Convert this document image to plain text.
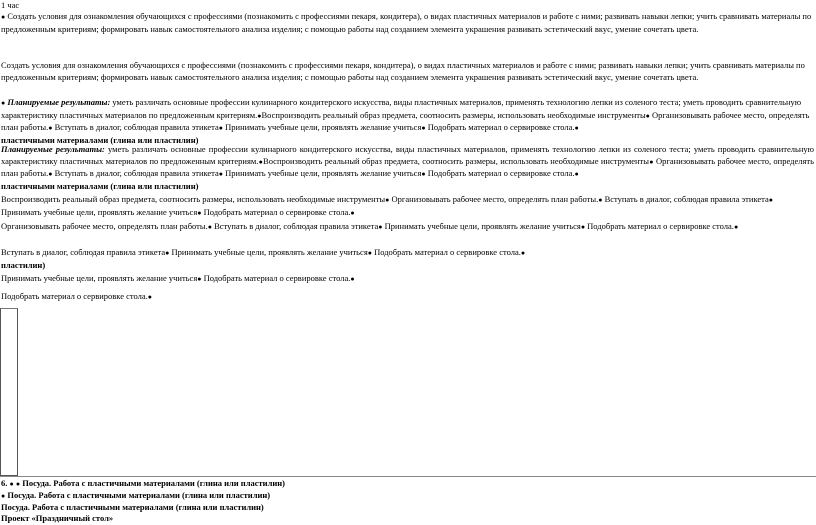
1 час
● Создать условия для ознакомления обучающихся с профессиями (познакомить с профессиями пекаря, кондитера), о видах пластичных материалов и работе с ними; развивать навыки лепки; учить сравнивать материалы по предложенным критериям; формировать навык самостоятельного анализа изделия; с помощью работы над созданием элемента украшения развивать эстетический вкус, умение сочетать цвета.
Создать условия для ознакомления обучающихся с профессиями (познакомить с профессиями пекаря, кондитера), о видах пластичных материалов и работе с ними; развивать навыки лепки; учить сравнивать материалы по предложенным критериям; формировать навык самостоятельного анализа изделия; с помощью работы над созданием элемента украшения развивать эстетический вкус, умение сочетать цвета.
● Планируемые результаты: уметь различать основные профессии кулинарного кондитерского искусства, виды пластичных материалов, применять технологию лепки из соленого теста; уметь проводить сравнительную характеристику пластичных материалов по предложенным критериям.●Воспроизводить реальный образ предмета, соотносить размеры, использовать необходимые инструменты● Организовывать рабочее место, определять план работы.● Вступать в диалог, соблюдая правила этикета● Принимать учебные цели, проявлять желание учиться● Подобрать материал о сервировке стола.●
пластичными материалами (глина или пластилин)
Планируемые результаты: уметь различать основные профессии кулинарного кондитерского искусства, виды пластичных материалов, применять технологию лепки из соленого теста; уметь проводить сравнительную характеристику пластичных материалов по предложенным критериям.●Воспроизводить реальный образ предмета, соотносить размеры, использовать необходимые инструменты● Организовывать рабочее место, определять план работы.● Вступать в диалог, соблюдая правила этикета● Принимать учебные цели, проявлять желание учиться● Подобрать материал о сервировке стола.●
пластичными материалами (глина или пластилин)
Воспроизводить реальный образ предмета, соотносить размеры, использовать необходимые инструменты● Организовывать рабочее место, определять план работы.● Вступать в диалог, соблюдая правила этикета● Принимать учебные цели, проявлять желание учиться● Подобрать материал о сервировке стола.●
Организовывать рабочее место, определять план работы.● Вступать в диалог, соблюдая правила этикета● Принимать учебные цели, проявлять желание учиться● Подобрать материал о сервировке стола.●
Вступать в диалог, соблюдая правила этикета● Принимать учебные цели, проявлять желание учиться● Подобрать материал о сервировке стола.●
пластилин)
Принимать учебные цели, проявлять желание учиться● Подобрать материал о сервировке стола.●
Подобрать материал о сервировке стола.●
6. ● ● Посуда. Работа с пластичными материалами (глина или пластилин)
● Посуда. Работа с пластичными материалами (глина или пластилин)
Посуда. Работа с пластичными материалами (глина или пластилин)
Проект «Праздничный стол»
